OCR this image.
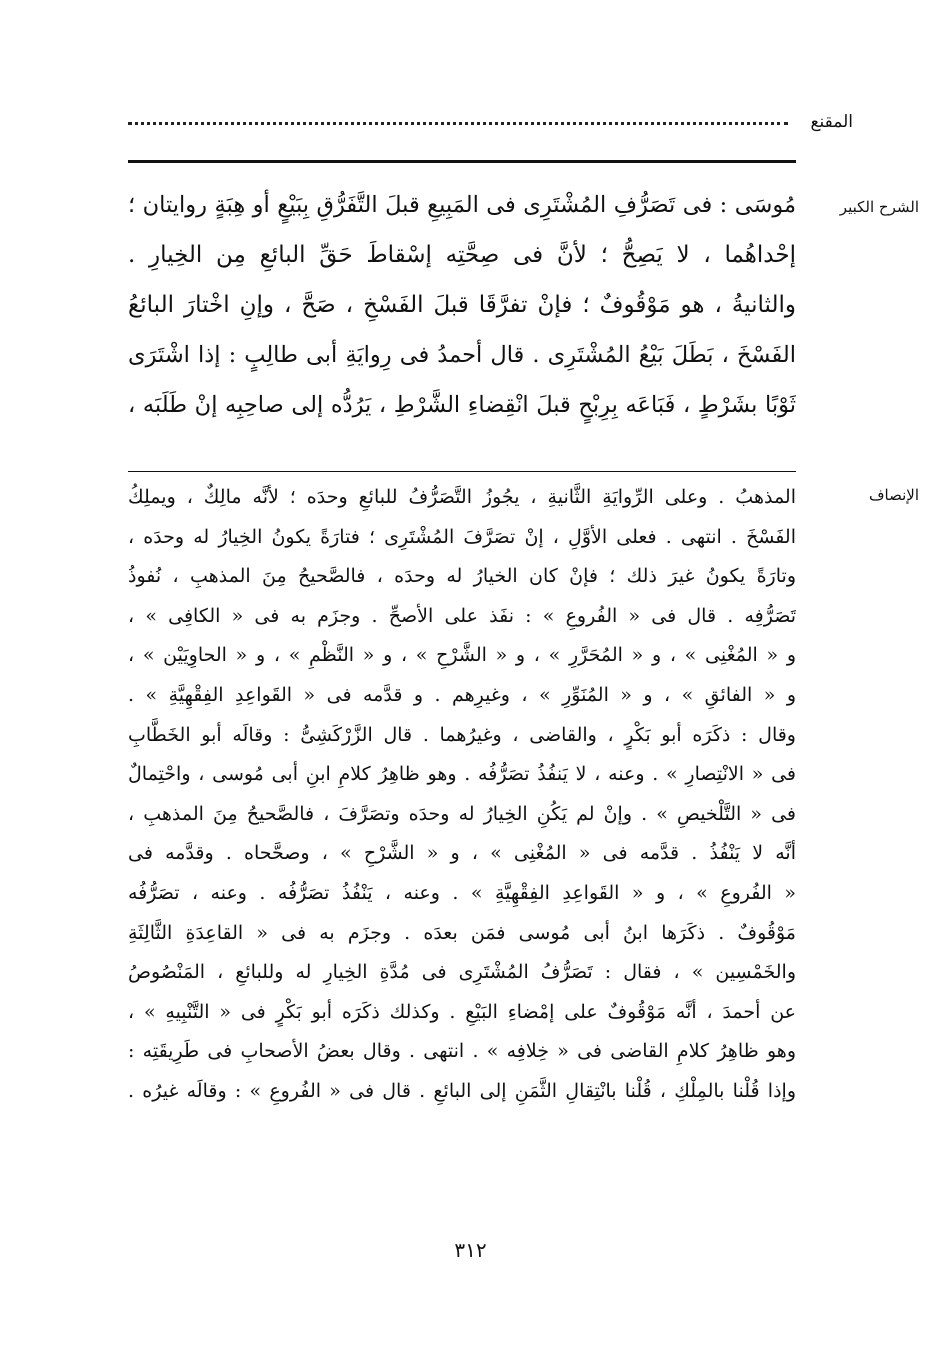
المقنع
الشرح الكبير
مُوسَى : فى تَصَرُّفِ المُشْتَرِى فى المَبِيعِ قبلَ التَّفَرُّقِ بِبَيْعٍ أو هِبَةٍ روايتان ؛
إحْداهُما ، لا يَصِحُّ ؛ لأنَّ فى صِحَّتِه إسْقاطَ حَقِّ البائعِ مِن الخِيارِ .
والثانيةُ ، هو مَوْقُوفٌ ؛ فإنْ تفرَّقَا قبلَ الفَسْخِ ، صَحَّ ، وإنِ اخْتارَ البائعُ
الفَسْخَ ، بَطَلَ بَيْعُ المُشْتَرِى . قال أحمدُ فى رِوايَةِ أبى طالِبٍ : إذا اشْتَرَى
ثَوْبًا بشَرْطٍ ، فَبَاعَه بِرِبْحٍ قبلَ انْقِضاءِ الشَّرْطِ ، يَرُدُّه إلى صاحِبِه إنْ طَلَبَه ،
الإنصاف
المذهبُ . وعلى الرِّوايَةِ الثَّانيةِ ، يجُوزُ التَّصَرُّفُ للبائعِ وحدَه ؛ لأنَّه مالِكٌ ، ويملِكُ
الفَسْخَ . انتهى . فعلى الأوَّلِ ، إنْ تصَرَّفَ المُشْتَرِى ؛ فتارَةً يكونُ الخِيارُ له وحدَه ،
وتارَةً يكونُ غيرَ ذلك ؛ فإنْ كان الخيارُ له وحدَه ، فالصَّحيحُ مِنَ المذهبِ ، نُفوذُ
تَصَرُّفِه . قال فى « الفُروعِ » : نفَذ على الأصحِّ . وجزَم به فى « الكافِى » ،
و « المُغْنِى » ، و « المُحَرَّرِ » ، و « الشَّرْحِ » ، و « النَّظْمِ » ، و « الحاوِيَيْن » ،
و « الفائقِ » ، و « المُنَوِّرِ » ، وغيرِهم . و قدَّمه فى « القَواعِدِ الفِقْهِيَّةِ » .
وقال : ذكَرَه أبو بَكْرٍ ، والقاضى ، وغيرُهما . قال الزَّرْكَشِىُّ : وقالَه أبو الخَطَّابِ
فى « الانْتِصارِ » . وعنه ، لا يَنفُذُ تصَرُّفُه . وهو ظاهِرُ كلامِ ابنِ أبى مُوسى ، واحْتِمالٌ
فى « التَّلْخيصِ » . وإنْ لم يَكُنِ الخِيارُ له وحدَه وتصَرَّفَ ، فالصَّحيحُ مِنَ المذهبِ ،
أنَّه لا يَنْفُذُ . قدَّمه فى « المُغْنِى » ، و « الشَّرْحِ » ، وصحَّحاه . وقدَّمه فى
« الفُروعِ » ، و « القَواعِدِ الفِقْهِيَّةِ » . وعنه ، يَنْفُذُ تصَرُّفُه . وعنه ، تصَرُّفُه
مَوْقُوفٌ . ذكَرَها ابنُ أبى مُوسى فمَن بعدَه . وجزَم به فى « القاعِدَةِ الثَّالِثَةِ
والخَمْسِين » ، فقال : تَصَرُّفُ المُشْتَرِى فى مُدَّةِ الخِيارِ له وللبائعِ ، المَنْصُوصُ
عن أحمدَ ، أنَّه مَوْقُوفٌ على إمْضاءِ البَيْعِ . وكذلك ذكَرَه أبو بَكْرٍ فى « التَّنْبِيهِ » ،
وهو ظاهِرُ كلامِ القاضى فى « خِلافِه » . انتهى . وقال بعضُ الأصحابِ فى طَرِيقَتِه :
وإذا قُلْنا بالمِلْكِ ، قُلْنا بانْتِقالِ الثَّمَنِ إلى البائعِ . قال فى « الفُروعِ » : وقالَه غيرُه .
٣١٢
